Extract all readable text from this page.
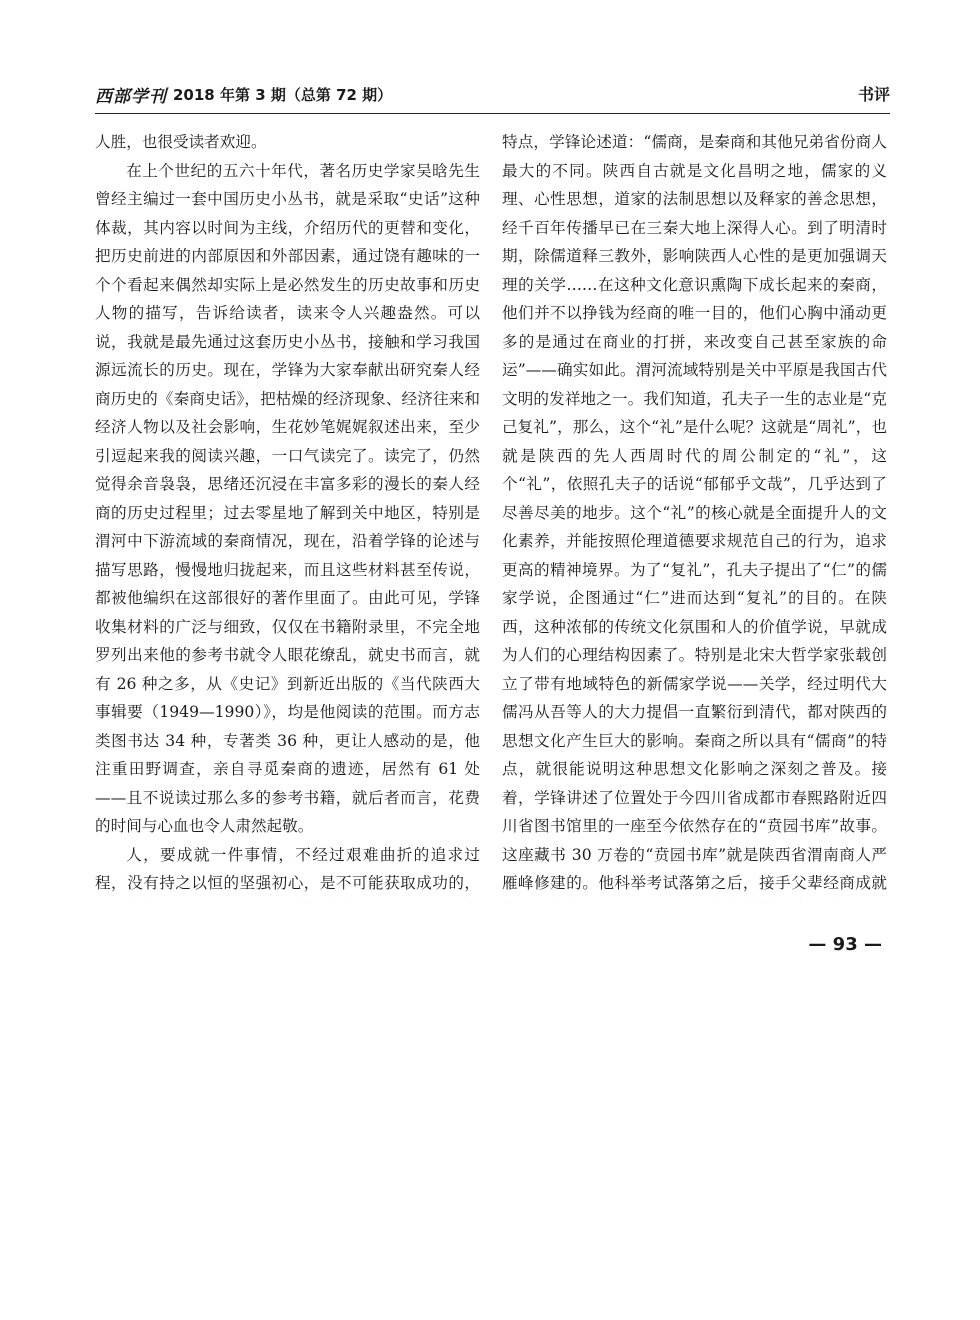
西部学刊 2018 年第 3 期（总第 72 期）	书评

人胜，也很受读者欢迎。

在上个世纪的五六十年代，著名历史学家吴晗先生曾经主编过一套中国历史小丛书，就是采取“史话”这种体裁，其内容以时间为主线，介绍历代的更替和变化，把历史前进的内部原因和外部因素，通过饶有趣味的一个个看起来偶然却实际上是必然发生的历史故事和历史人物的描写，告诉给读者，读来令人兴趣盎然。可以说，我就是最先通过这套历史小丛书，接触和学习我国源远流长的历史。现在，学锋为大家奉献出研究秦人经商历史的《秦商史话》，把枯燥的经济现象、经济往来和经济人物以及社会影响，生花妙笔娓娓叙述出来，至少引逗起来我的阅读兴趣，一口气读完了。读完了，仍然觉得余音袅袅，思绪还沉浸在丰富多彩的漫长的秦人经商的历史过程里；过去零星地了解到关中地区，特别是渭河中下游流域的秦商情况，现在，沿着学锋的论述与描写思路，慢慢地归拢起来，而且这些材料甚至传说，都被他编织在这部很好的著作里面了。由此可见，学锋收集材料的广泛与细致，仅仅在书籍附录里，不完全地罗列出来他的参考书就令人眼花缭乱，就史书而言，就有 26 种之多，从《史记》到新近出版的《当代陕西大事辑要（1949—1990）》，均是他阅读的范围。而方志类图书达 34 种，专著类 36 种，更让人感动的是，他注重田野调查，亲自寻觅秦商的遗迹，居然有 61 处——且不说读过那么多的参考书籍，就后者而言，花费的时间与心血也令人肃然起敬。

人，要成就一件事情，不经过艰难曲折的追求过程，没有持之以恒的坚强初心，是不可能获取成功的，

特点，学锋论述道：“儒商，是秦商和其他兄弟省份商人最大的不同。陕西自古就是文化昌明之地，儒家的义理、心性思想，道家的法制思想以及释家的善念思想，经千百年传播早已在三秦大地上深得人心。到了明清时期，除儒道释三教外，影响陕西人心性的是更加强调天理的关学……在这种文化意识熏陶下成长起来的秦商，他们并不以挣钱为经商的唯一目的，他们心胸中涌动更多的是通过在商业的打拼，来改变自己甚至家族的命运”——确实如此。渭河流域特别是关中平原是我国古代文明的发祥地之一。我们知道，孔夫子一生的志业是“克己复礼”，那么，这个“礼”是什么呢？这就是“周礼”，也就是陕西的先人西周时代的周公制定的“礼”，这个“礼”，依照孔夫子的话说“郁郁乎文哉”，几乎达到了尽善尽美的地步。这个“礼”的核心就是全面提升人的文化素养，并能按照伦理道德要求规范自己的行为，追求更高的精神境界。为了“复礼”，孔夫子提出了“仁”的儒家学说，企图通过“仁”进而达到“复礼”的目的。在陕西，这种浓郁的传统文化氛围和人的价值学说，早就成为人们的心理结构因素了。特别是北宋大哲学家张载创立了带有地域特色的新儒家学说——关学，经过明代大儒冯从吾等人的大力提倡一直繁衍到清代，都对陕西的思想文化产生巨大的影响。秦商之所以具有“儒商”的特点，就很能说明这种思想文化影响之深刻之普及。接着，学锋讲述了位置处于今四川省成都市春熙路附近四川省图书馆里的一座至今依然存在的“贲园书库”故事。这座藏书 30 万卷的“贲园书库”就是陕西省渭南商人严雁峰修建的。他科举考试落第之后，接手父辈经商成就

— 93 —
